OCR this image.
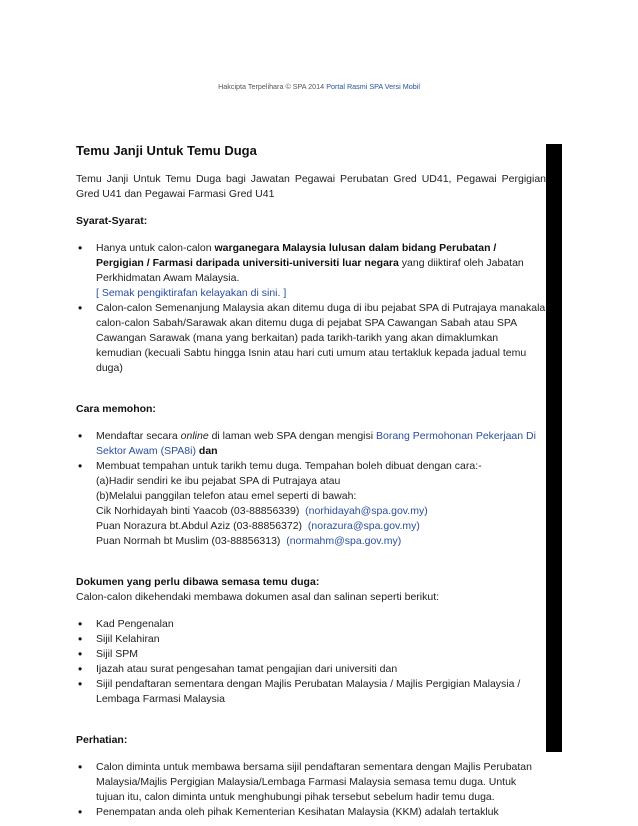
Hakcipta Terpelihara © SPA 2014 Portal Rasmi SPA Versi Mobil
Temu Janji Untuk Temu Duga

Temu Janji Untuk Temu Duga bagi Jawatan Pegawai Perubatan Gred UD41, Pegawai Pergigian Gred U41 dan Pegawai Farmasi Gred U41

Syarat-Syarat:

• Hanya untuk calon-calon warganegara Malaysia lulusan dalam bidang Perubatan / Pergigian / Farmasi daripada universiti-universiti luar negara yang diiktiraf oleh Jabatan Perkhidmatan Awam Malaysia.
[ Semak pengiktirafan kelayakan di sini. ]
• Calon-calon Semenanjung Malaysia akan ditemu duga di ibu pejabat SPA di Putrajaya manakala calon-calon Sabah/Sarawak akan ditemu duga di pejabat SPA Cawangan Sabah atau SPA Cawangan Sarawak (mana yang berkaitan) pada tarikh-tarikh yang akan dimaklumkan kemudian (kecuali Sabtu hingga Isnin atau hari cuti umum atau tertakluk kepada jadual temu duga)

Cara memohon:

• Mendaftar secara online di laman web SPA dengan mengisi Borang Permohonan Pekerjaan Di Sektor Awam (SPA8i) dan
• Membuat tempahan untuk tarikh temu duga. Tempahan boleh dibuat dengan cara:-
(a)Hadir sendiri ke ibu pejabat SPA di Putrajaya atau
(b)Melalui panggilan telefon atau emel seperti di bawah:
Cik Norhidayah binti Yaacob (03-88856339) (norhidayah@spa.gov.my)
Puan Norazura bt.Abdul Aziz (03-88856372) (norazura@spa.gov.my)
Puan Normah bt Muslim (03-88856313) (normahm@spa.gov.my)

Dokumen yang perlu dibawa semasa temu duga:

Calon-calon dikehendaki membawa dokumen asal dan salinan seperti berikut:

• Kad Pengenalan
• Sijil Kelahiran
• Sijil SPM
• Ijazah atau surat pengesahan tamat pengajian dari universiti dan
• Sijil pendaftaran sementara dengan Majlis Perubatan Malaysia / Majlis Pergigian Malaysia / Lembaga Farmasi Malaysia

Perhatian:

• Calon diminta untuk membawa bersama sijil pendaftaran sementara dengan Majlis Perubatan Malaysia/Majlis Pergigian Malaysia/Lembaga Farmasi Malaysia semasa temu duga. Untuk tujuan itu, calon diminta untuk menghubungi pihak tersebut sebelum hadir temu duga.
• Penempatan anda oleh pihak Kementerian Kesihatan Malaysia (KKM) adalah tertakluk
